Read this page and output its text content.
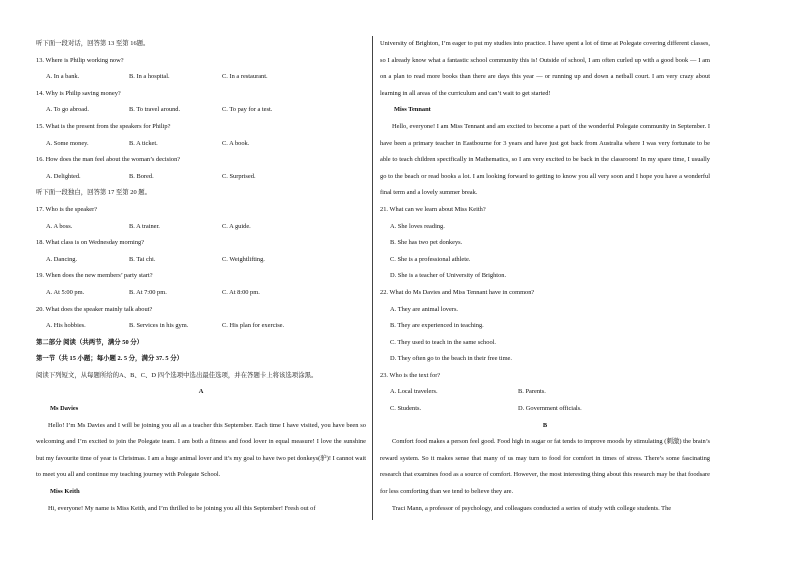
听下面一段对话，回答第 13 至第 16题。
13. Where is Philip working now?
A. In a bank.	B. In a hospital.	C. In a restaurant.
14. Why is Philip saving money?
A. To go abroad.	B. To travel around.	C. To pay for a test.
15. What is the present from the speakers for Philip?
A. Some money.	B. A ticket.	C. A book.
16. How does the man feel about the woman’s decision?
A. Delighted.	B. Bored.	C. Surprised.
听下面一段独白，回答第 17 至第 20 题。
17. Who is the speaker?
A. A boss.	B. A trainer.	C. A guide.
18. What class is on Wednesday morning?
A. Dancing.	B. Tai chi.	C. Weightlifting.
19. When does the new members’ party start?
A. At 5:00 pm.	B. At 7:00 pm.	C. At 8:00 pm.
20. What does the speaker mainly talk about?
A. His hobbies.	B. Services in his gym.	C. His plan for exercise.
第二部分 阅读（共两节，满分 50 分）
第一节（共 15 小题；每小题 2. 5 分，满分 37. 5 分）
阅读下列短文，从每题所给的A、B、C、D 四个选项中选出最佳选项，并在答题卡上将该选项涂黑。
A
Ms Davies
Hello! I’m Ms Davies and I will be joining you all as a teacher this September. Each time I have visited, you have been so welcoming and I’m excited to join the Polegate team. I am both a fitness and food lover in equal measure! I love the sunshine but my favourite time of year is Christmas. I am a huge animal lover and it’s my goal to have two pet donkeys(驴)! I cannot wait to meet you all and continue my teaching journey with Polegate School.
Miss Keith
Hi, everyone! My name is Miss Keith, and I’m thrilled to be joining you all this September! Fresh out of
University of Brighton, I’m eager to put my studies into practice. I have spent a lot of time at Polegate covering different classes, so I already know what a fantastic school community this is! Outside of school, I am often curled up with a good book — I am on a plan to read more books than there are days this year — or running up and down a netball court. I am very crazy about learning in all areas of the curriculum and can’t wait to get started!
Miss Tennant
Hello, everyone! I am Miss Tennant and am excited to become a part of the wonderful Polegate community in September. I have been a primary teacher in Eastbourne for 3 years and have just got back from Australia where I was very fortunate to be able to teach children specifically in Mathematics, so I am very excited to be back in the classroom! In my spare time, I usually go to the beach or read books a lot. I am looking forward to getting to know you all very soon and I hope you have a wonderful final term and a lovely summer break.
21. What can we learn about Miss Keith?
A. She loves reading.
B. She has two pet donkeys.
C. She is a professional athlete.
D. She is a teacher of University of Brighton.
22. What do Ms Davies and Miss Tennant have in common?
A. They are animal lovers.
B. They are experienced in teaching.
C. They used to teach in the same school.
D. They often go to the beach in their free time.
23. Who is the text for?
A. Local travelers.	B. Parents.
C. Students.	D. Government officials.
B
Comfort food makes a person feel good. Food high in sugar or fat tends to improve moods by stimulating (刺激) the brain’s reward system. So it makes sense that many of us may turn to food for comfort in times of stress. There’s some fascinating research that examines food as a source of comfort. However, the most interesting thing about this research may be that foodsare for less comforting than we tend to believe they are.
Traci Mann, a professor of psychology, and colleagues conducted a series of study with college students. The
